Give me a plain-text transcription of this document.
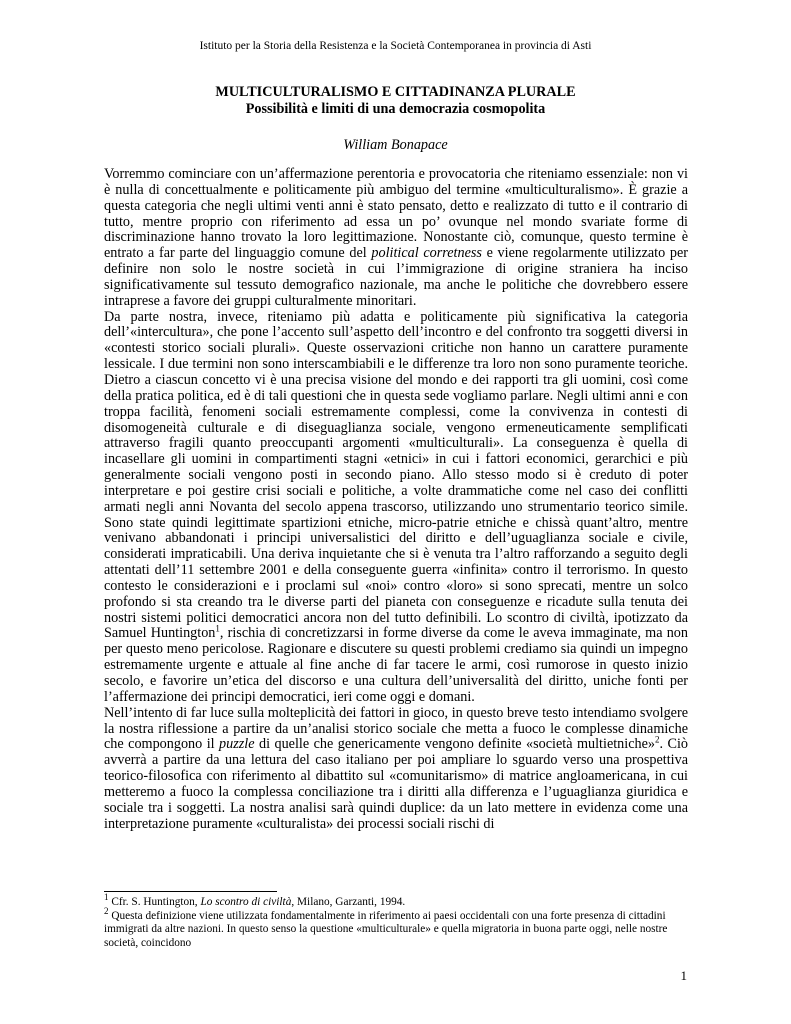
Istituto per la Storia della Resistenza e la Società Contemporanea in provincia di Asti
MULTICULTURALISMO E CITTADINANZA PLURALE
Possibilità e limiti di una democrazia cosmopolita
William Bonapace

Vorremmo cominciare con un’affermazione perentoria e provocatoria che riteniamo essenziale: non vi è nulla di concettualmente e politicamente più ambiguo del termine «multiculturalismo». È grazie a questa categoria che negli ultimi venti anni è stato pensato, detto e realizzato di tutto e il contrario di tutto, mentre proprio con riferimento ad essa un po’ ovunque nel mondo svariate forme di discriminazione hanno trovato la loro legittimazione. Nonostante ciò, comunque, questo termine è entrato a far parte del linguaggio comune del political corretness e viene regolarmente utilizzato per definire non solo le nostre società in cui l’immigrazione di origine straniera ha inciso significativamente sul tessuto demografico nazionale, ma anche le politiche che dovrebbero essere intraprese a favore dei gruppi culturalmente minoritari.

Da parte nostra, invece, riteniamo più adatta e politicamente più significativa la categoria dell’«intercultura», che pone l’accento sull’aspetto dell’incontro e del confronto tra soggetti diversi in «contesti storico sociali plurali». Queste osservazioni critiche non hanno un carattere puramente lessicale. I due termini non sono interscambiabili e le differenze tra loro non sono puramente teoriche. Dietro a ciascun concetto vi è una precisa visione del mondo e dei rapporti tra gli uomini, così come della pratica politica, ed è di tali questioni che in questa sede vogliamo parlare. Negli ultimi anni e con troppa facilità, fenomeni sociali estremamente complessi, come la convivenza in contesti di disomogeneità culturale e di diseguaglianza sociale, vengono ermeneuticamente semplificati attraverso fragili quanto preoccupanti argomenti «multiculturali». La conseguenza è quella di incasellare gli uomini in compartimenti stagni «etnici» in cui i fattori economici, gerarchici e più generalmente sociali vengono posti in secondo piano. Allo stesso modo si è creduto di poter interpretare e poi gestire crisi sociali e politiche, a volte drammatiche come nel caso dei conflitti armati negli anni Novanta del secolo appena trascorso, utilizzando uno strumentario teorico simile. Sono state quindi legittimate spartizioni etniche, micro-patrie etniche e chissà quant’altro, mentre venivano abbandonati i principi universalistici del diritto e dell’uguaglianza sociale e civile, considerati impraticabili. Una deriva inquietante che si è venuta tra l’altro rafforzando a seguito degli attentati dell’11 settembre 2001 e della conseguente guerra «infinita» contro il terrorismo. In questo contesto le considerazioni e i proclami sul «noi» contro «loro» si sono sprecati, mentre un solco profondo si sta creando tra le diverse parti del pianeta con conseguenze e ricadute sulla tenuta dei nostri sistemi politici democratici ancora non del tutto definibili. Lo scontro di civiltà, ipotizzato da Samuel Huntington$^1$, rischia di concretizzarsi in forme diverse da come le aveva immaginate, ma non per questo meno pericolose. Ragionare e discutere su questi problemi crediamo sia quindi un impegno estremamente urgente e attuale al fine anche di far tacere le armi, così rumorose in questo inizio secolo, e favorire un’etica del discorso e una cultura dell’universalità del diritto, uniche fonti per l’affermazione dei principi democratici, ieri come oggi e domani.

Nell’intento di far luce sulla molteplicità dei fattori in gioco, in questo breve testo intendiamo svolgere la nostra riflessione a partire da un’analisi storico sociale che metta a fuoco le complesse dinamiche che compongono il puzzle di quelle che genericamente vengono definite «società multietniche»$^2$. Ciò avverrà a partire da una lettura del caso italiano per poi ampliare lo sguardo verso una prospettiva teorico-filosofica con riferimento al dibattito sul «comunitarismo» di matrice angloamericana, in cui metteremo a fuoco la complessa conciliazione tra i diritti alla differenza e l’uguaglianza giuridica e sociale tra i soggetti. La nostra analisi sarà quindi duplice: da un lato mettere in evidenza come una interpretazione puramente «culturalista» dei processi sociali rischi di

$^1$ Cfr. S. Huntington, Lo scontro di civiltà, Milano, Garzanti, 1994.

$^2$ Questa definizione viene utilizzata fondamentalmente in riferimento ai paesi occidentali con una forte presenza di cittadini immigrati da altre nazioni. In questo senso la questione «multiculturale» e quella migratoria in buona parte oggi, nelle nostre società, coincidono

1
